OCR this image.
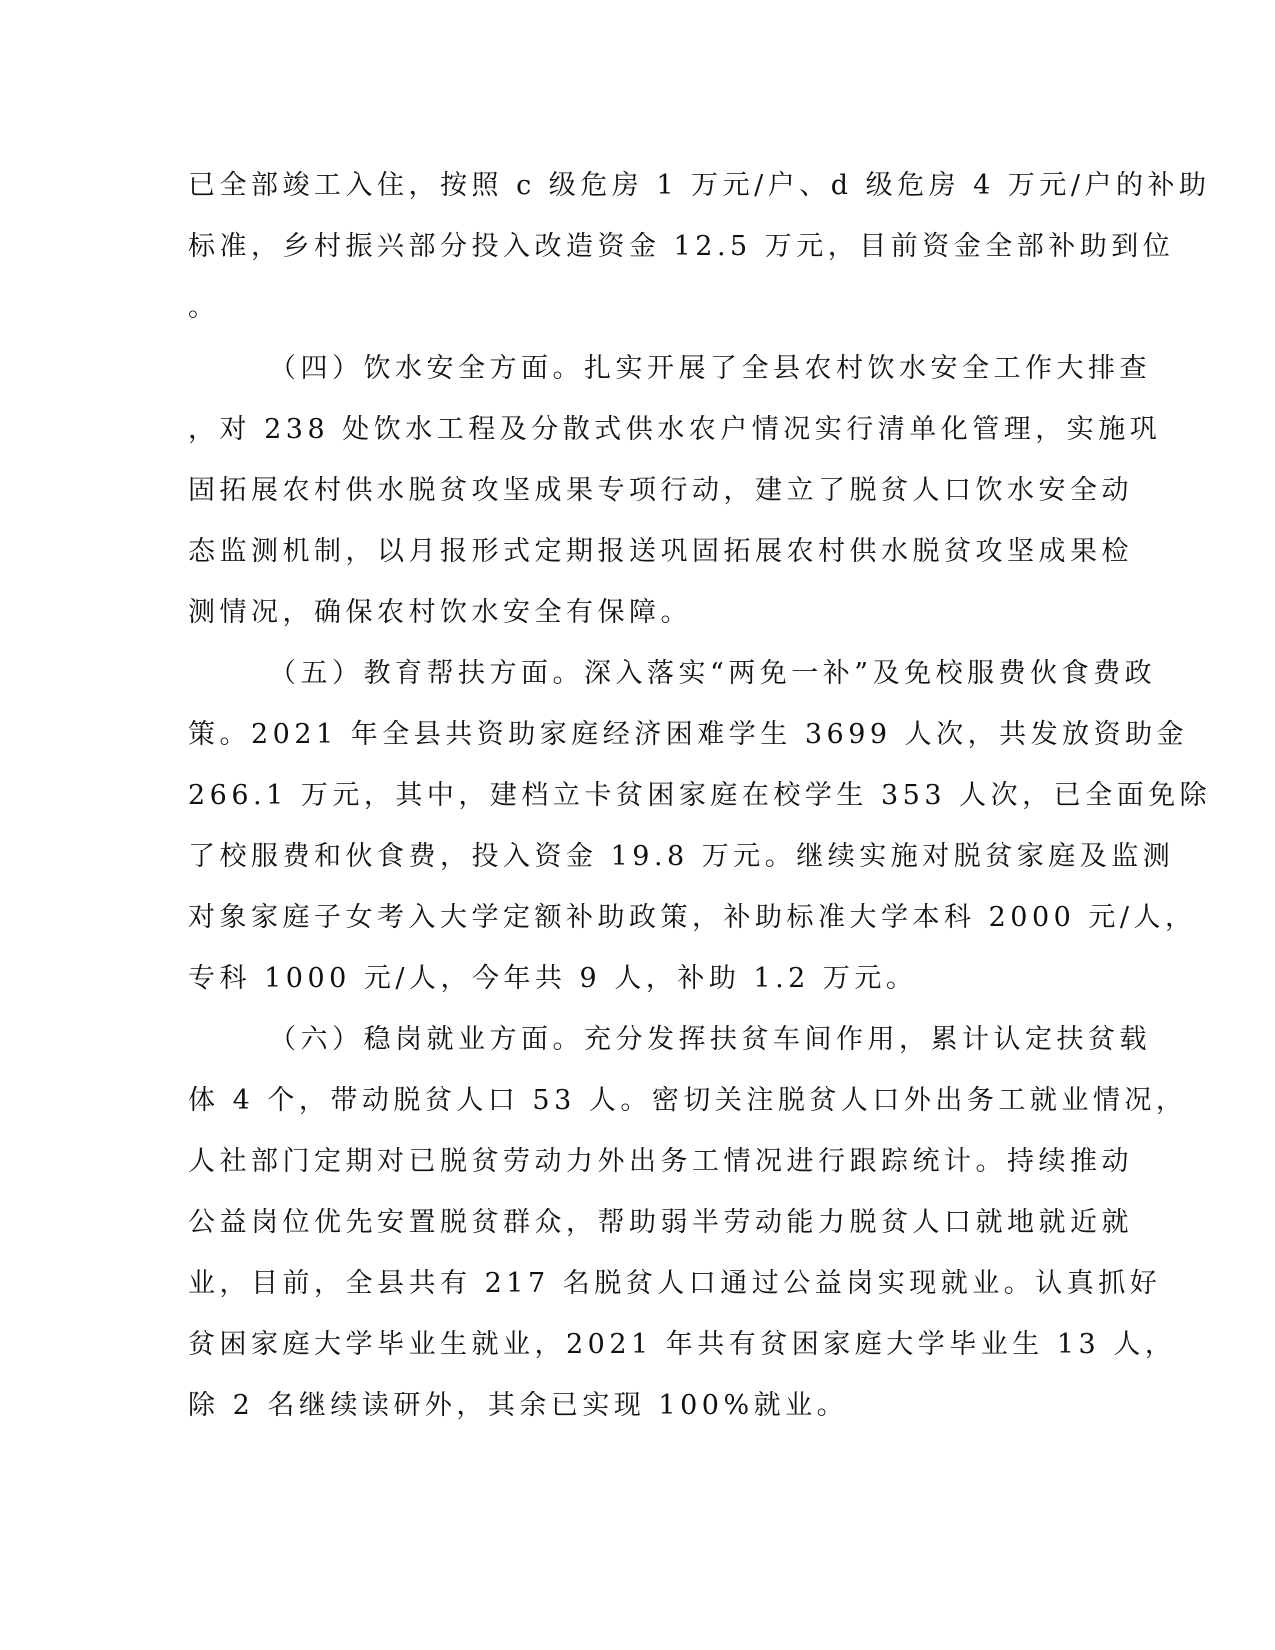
已全部竣工入住，按照 c 级危房 1 万元/户、d 级危房 4 万元/户的补助
标准，乡村振兴部分投入改造资金 12.5 万元，目前资金全部补助到位
。
（四）饮水安全方面。扎实开展了全县农村饮水安全工作大排查
，对 238 处饮水工程及分散式供水农户情况实行清单化管理，实施巩
固拓展农村供水脱贫攻坚成果专项行动，建立了脱贫人口饮水安全动
态监测机制，以月报形式定期报送巩固拓展农村供水脱贫攻坚成果检
测情况，确保农村饮水安全有保障。
（五）教育帮扶方面。深入落实“两免一补”及免校服费伙食费政
策。2021 年全县共资助家庭经济困难学生 3699 人次，共发放资助金
266.1 万元，其中，建档立卡贫困家庭在校学生 353 人次，已全面免除
了校服费和伙食费，投入资金 19.8 万元。继续实施对脱贫家庭及监测
对象家庭子女考入大学定额补助政策，补助标准大学本科 2000 元/人，
专科 1000 元/人，今年共 9 人，补助 1.2 万元。
（六）稳岗就业方面。充分发挥扶贫车间作用，累计认定扶贫载
体 4 个，带动脱贫人口 53 人。密切关注脱贫人口外出务工就业情况，
人社部门定期对已脱贫劳动力外出务工情况进行跟踪统计。持续推动
公益岗位优先安置脱贫群众，帮助弱半劳动能力脱贫人口就地就近就
业，目前，全县共有 217 名脱贫人口通过公益岗实现就业。认真抓好
贫困家庭大学毕业生就业，2021 年共有贫困家庭大学毕业生 13 人，
除 2 名继续读研外，其余已实现 100%就业。
